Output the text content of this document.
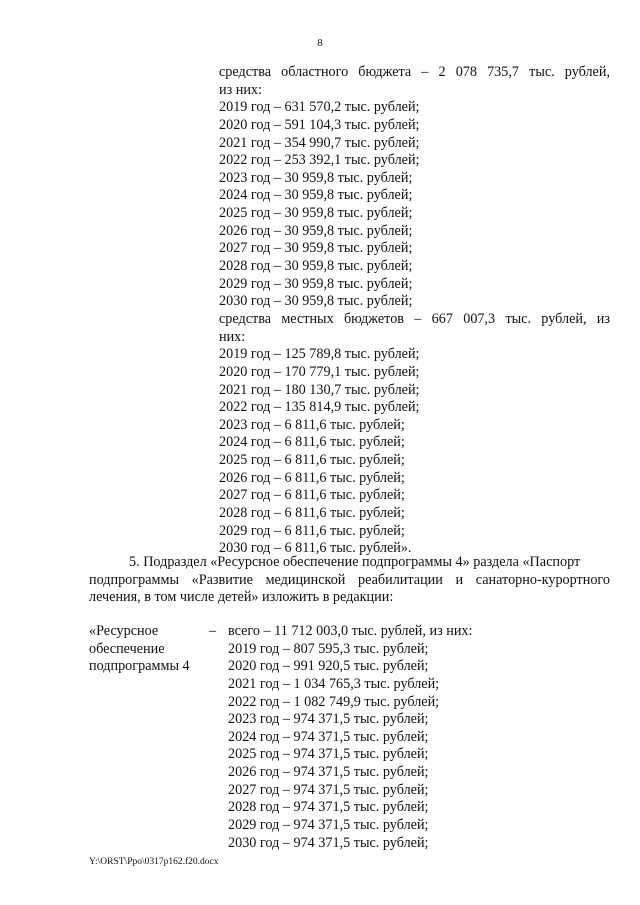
8
средства областного бюджета – 2 078 735,7 тыс. рублей,
из них:
2019 год – 631 570,2 тыс. рублей;
2020 год – 591 104,3 тыс. рублей;
2021 год – 354 990,7 тыс. рублей;
2022 год – 253 392,1 тыс. рублей;
2023 год – 30 959,8 тыс. рублей;
2024 год – 30 959,8 тыс. рублей;
2025 год – 30 959,8 тыс. рублей;
2026 год – 30 959,8 тыс. рублей;
2027 год – 30 959,8 тыс. рублей;
2028 год – 30 959,8 тыс. рублей;
2029 год – 30 959,8 тыс. рублей;
2030 год – 30 959,8 тыс. рублей;
средства местных бюджетов – 667 007,3 тыс. рублей, из
них:
2019 год – 125 789,8 тыс. рублей;
2020 год – 170 779,1 тыс. рублей;
2021 год – 180 130,7 тыс. рублей;
2022 год – 135 814,9 тыс. рублей;
2023 год – 6 811,6 тыс. рублей;
2024 год – 6 811,6 тыс. рублей;
2025 год – 6 811,6 тыс. рублей;
2026 год – 6 811,6 тыс. рублей;
2027 год – 6 811,6 тыс. рублей;
2028 год – 6 811,6 тыс. рублей;
2029 год – 6 811,6 тыс. рублей;
2030 год – 6 811,6 тыс. рублей».
5. Подраздел «Ресурсное обеспечение подпрограммы 4» раздела «Паспорт
подпрограммы «Развитие медицинской реабилитации и санаторно-курортного
лечения, в том числе детей» изложить в редакции:
«Ресурсное
обеспечение
подпрограммы 4
– всего – 11 712 003,0 тыс. рублей, из них:
2019 год – 807 595,3 тыс. рублей;
2020 год – 991 920,5 тыс. рублей;
2021 год – 1 034 765,3 тыс. рублей;
2022 год – 1 082 749,9 тыс. рублей;
2023 год – 974 371,5 тыс. рублей;
2024 год – 974 371,5 тыс. рублей;
2025 год – 974 371,5 тыс. рублей;
2026 год – 974 371,5 тыс. рублей;
2027 год – 974 371,5 тыс. рублей;
2028 год – 974 371,5 тыс. рублей;
2029 год – 974 371,5 тыс. рублей;
2030 год – 974 371,5 тыс. рублей;
Y:\ORST\Ppo\0317p162.f20.docx
